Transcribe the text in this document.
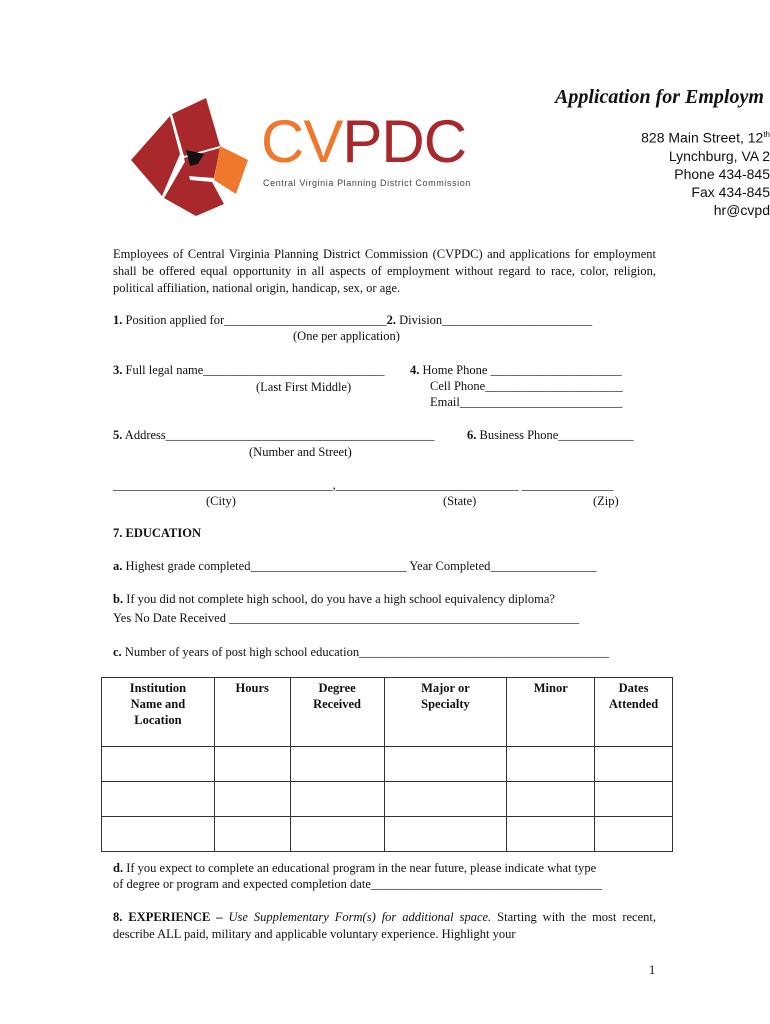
CVPDC
Central Virginia Planning District Commission
Application for Employm
828 Main Street, 12th
Lynchburg, VA 2
Phone 434-845
Fax 434-845
hr@cvpd
Employees of Central Virginia Planning District Commission (CVPDC) and applications for employment shall be offered equal opportunity in all aspects of employment without regard to race, color, religion, political affiliation, national origin, handicap, sex, or age.
1. Position applied for__________________________2. Division________________________
(One per application)
3. Full legal name_____________________________
(Last First Middle)
4. Home Phone _____________________
Cell Phone______________________
Email__________________________
5. Address___________________________________________	6. Business Phone____________
(Number and Street)
____________________________________,______________________________ _______________
(City)	(State)	(Zip)
7. EDUCATION
a. Highest grade completed_________________________ Year Completed_________________
b. If you did not complete high school, do you have a high school equivalency diploma?
Yes No Date Received ________________________________________________________
c. Number of years of post high school education________________________________________
Institution Name and Location	Hours	Degree Received	Major or Specialty	Minor	Dates Attended

d. If you expect to complete an educational program in the near future, please indicate what type
of degree or program and expected completion date_____________________________________
8. EXPERIENCE – Use Supplementary Form(s) for additional space. Starting with the most recent, describe ALL paid, military and applicable voluntary experience. Highlight your
1
